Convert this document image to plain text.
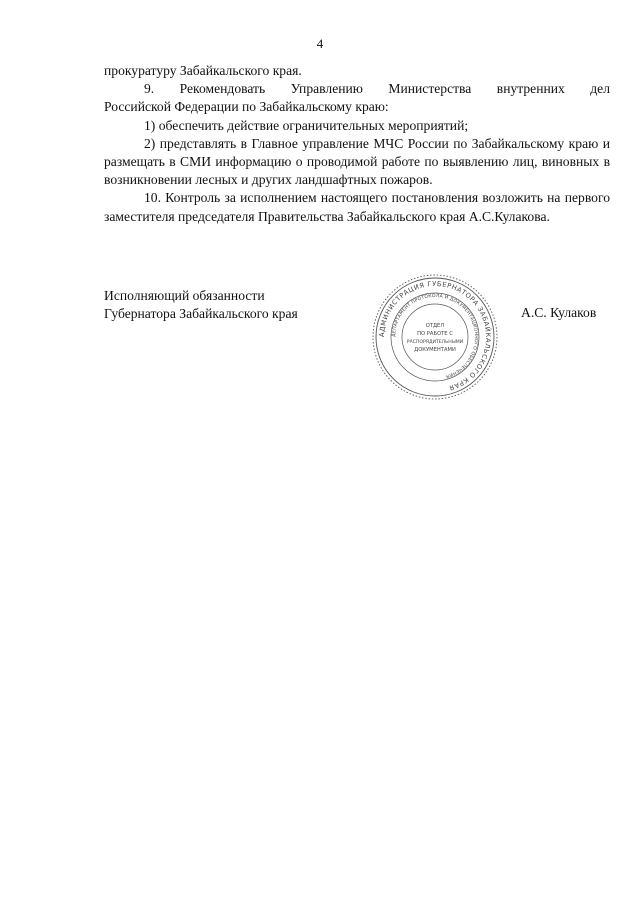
4

прокуратуру Забайкальского края.

9. Рекомендовать Управлению Министерства внутренних дел

Российской Федерации по Забайкальскому краю:

1) обеспечить действие ограничительных мероприятий;

2) представлять в Главное управление МЧС России по Забайкальскому краю и размещать в СМИ информацию о проводимой работе по выявлению лиц, виновных в возникновении лесных и других ландшафтных пожаров.

10. Контроль за исполнением настоящего постановления возложить на первого заместителя председателя Правительства Забайкальского края А.С.Кулакова.

Исполняющий обязанности
Губернатора Забайкальского края
АДМИНИСТРАЦИЯ ГУБЕРНАТОРА ЗАБАЙКАЛЬСКОГО КРАЯ
ДЕПАРТАМЕНТ ПРОТОКОЛА И ДОКУМЕНТАЦИОННОГО ОБЕСПЕЧЕНИЯ
ОТДЕЛ
ПО РАБОТЕ С
РАСПОРЯДИТЕЛЬНЫМИ
ДОКУМЕНТАМИ
А.С. Кулаков
